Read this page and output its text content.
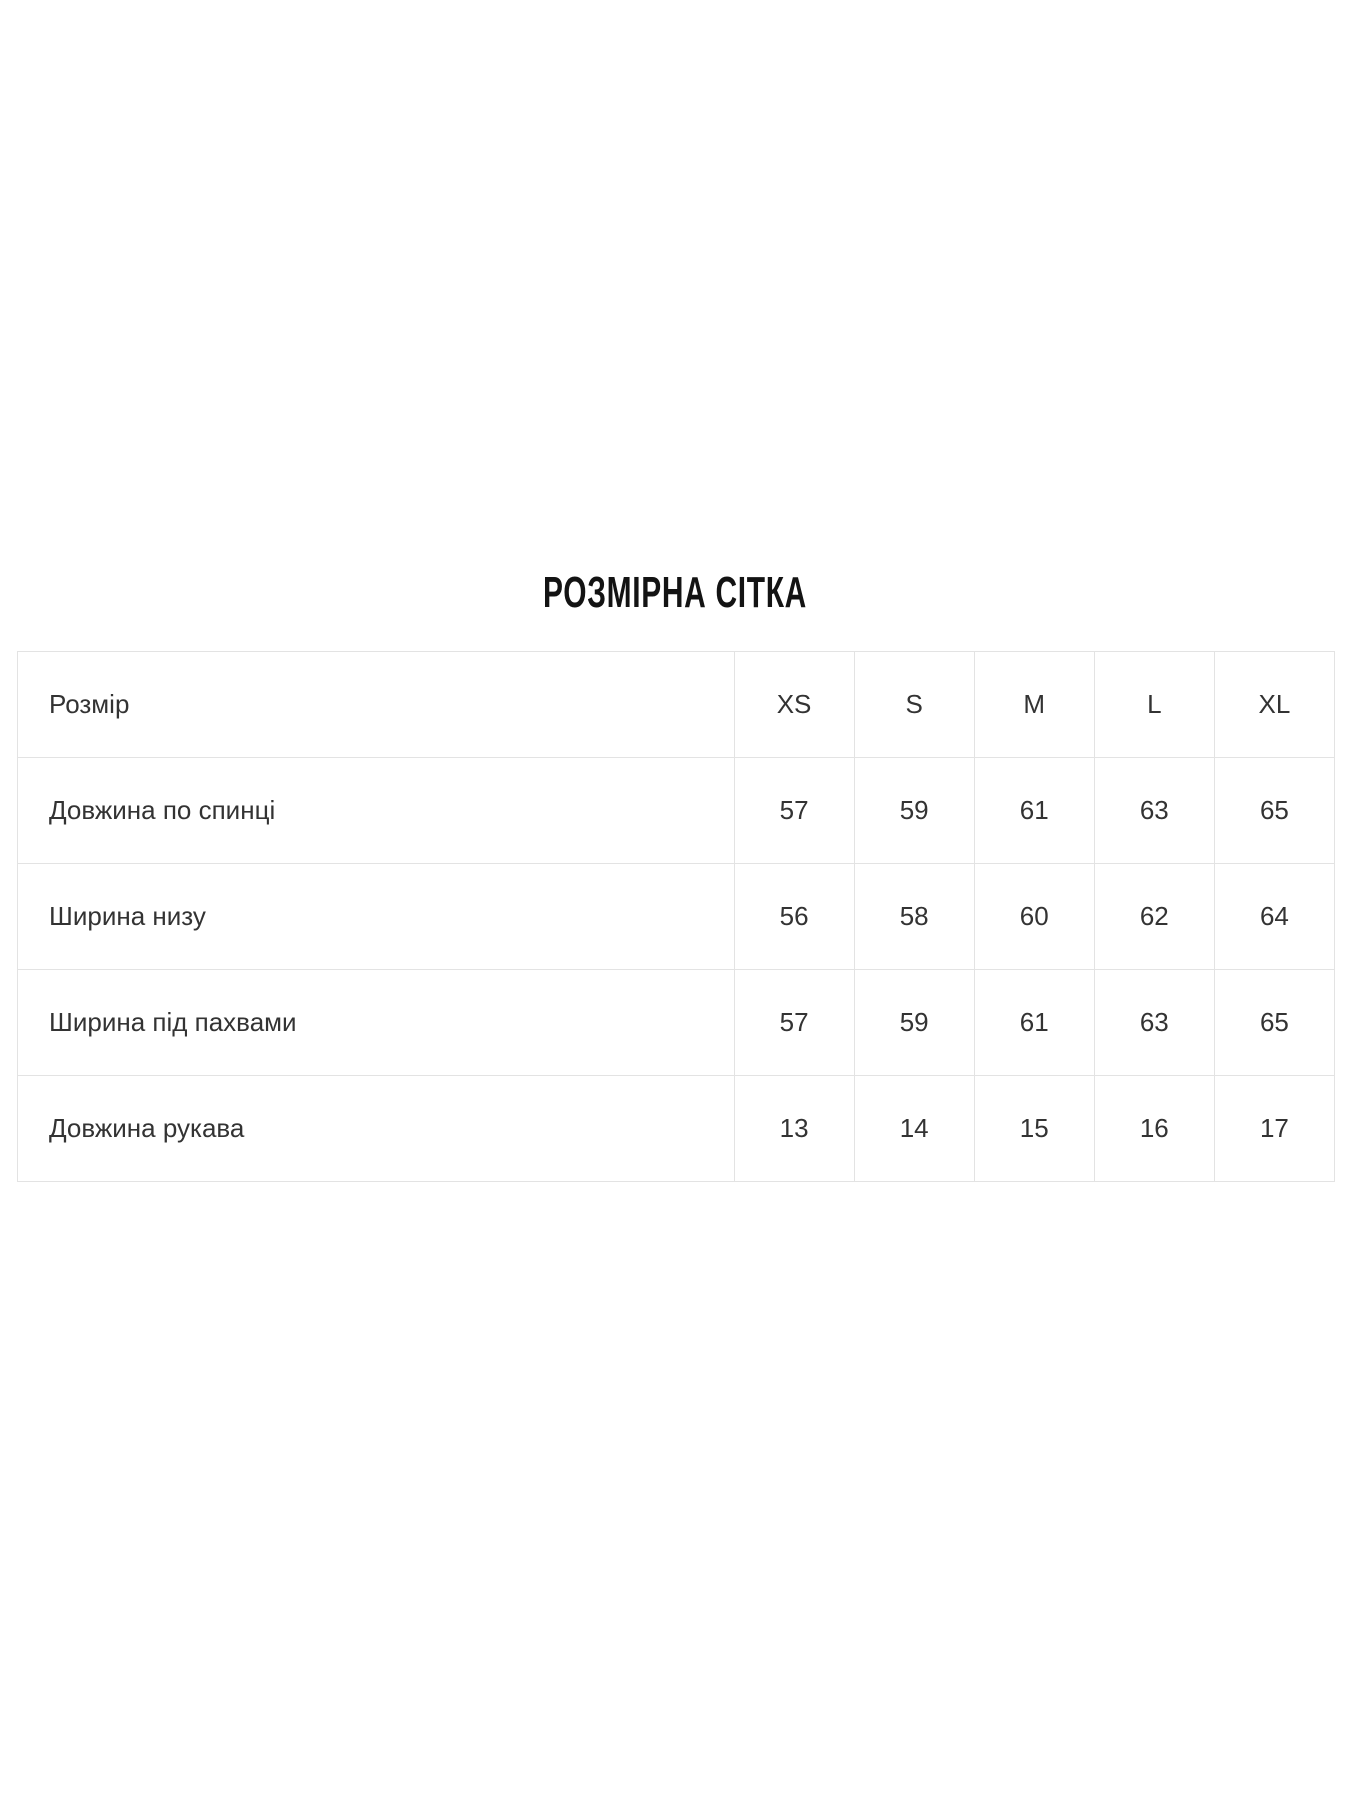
РОЗМІРНА СІТКА
Розмір	XS	S	M	L	XL
Довжина по спинці	57	59	61	63	65
Ширина низу	56	58	60	62	64
Ширина під пахвами	57	59	61	63	65
Довжина рукава	13	14	15	16	17
